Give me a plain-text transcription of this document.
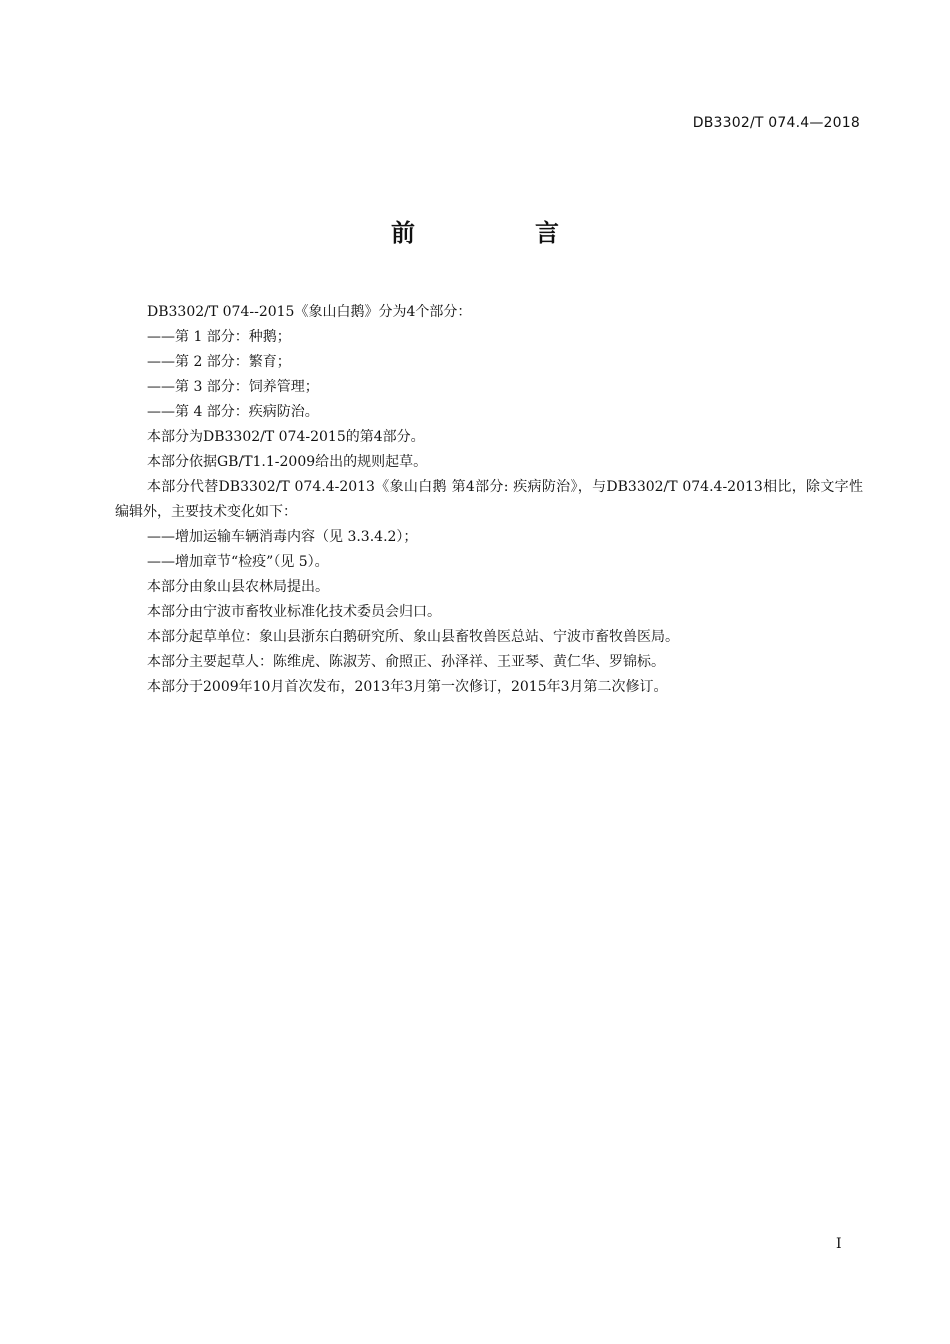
DB3302/T 074.4—2018
前　言

DB3302/T 074--2015《象山白鹅》分为4个部分：

——第 1 部分：种鹅；

——第 2 部分：繁育；

——第 3 部分：饲养管理；

——第 4 部分：疾病防治。

本部分为DB3302/T 074-2015的第4部分。

本部分依据GB/T1.1-2009给出的规则起草。

本部分代替DB3302/T 074.4-2013《象山白鹅 第4部分: 疾病防治》，与DB3302/T 074.4-2013相比，除文字性编辑外，主要技术变化如下：

——增加运输车辆消毒内容（见 3.3.4.2）；

——增加章节“检疫”（见 5）。

本部分由象山县农林局提出。

本部分由宁波市畜牧业标准化技术委员会归口。

本部分起草单位：象山县浙东白鹅研究所、象山县畜牧兽医总站、宁波市畜牧兽医局。

本部分主要起草人：陈维虎、陈淑芳、俞照正、孙泽祥、王亚琴、黄仁华、罗锦标。

本部分于2009年10月首次发布，2013年3月第一次修订，2015年3月第二次修订。

I
